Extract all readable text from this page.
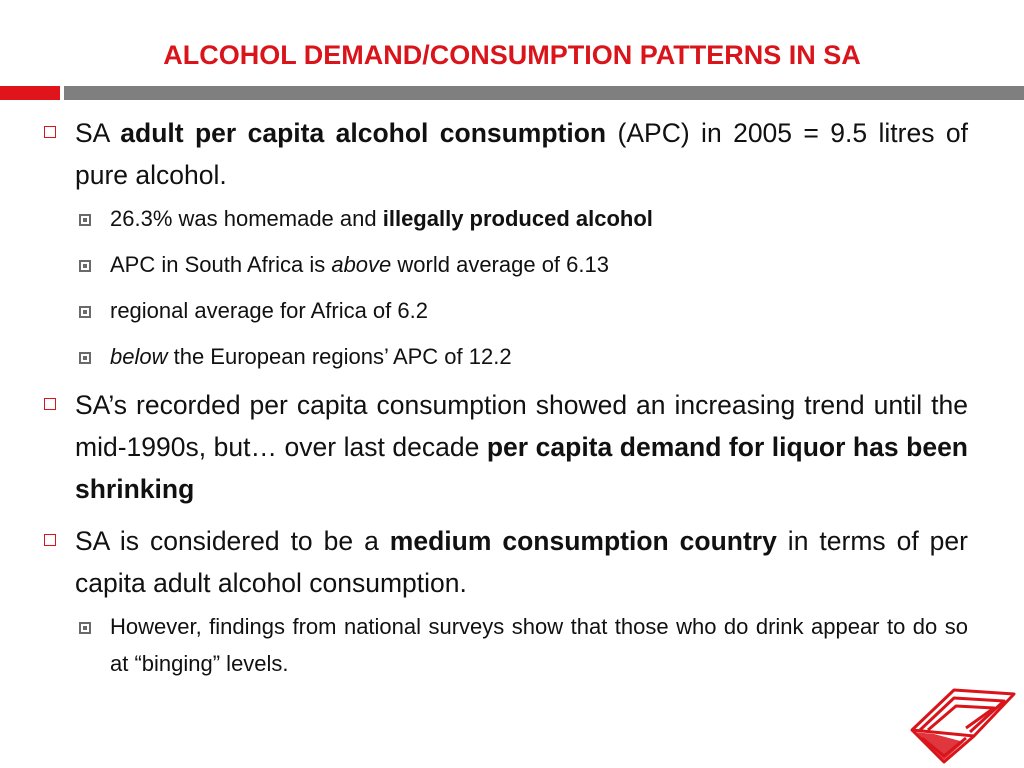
ALCOHOL DEMAND/CONSUMPTION PATTERNS IN SA
SA adult per capita alcohol consumption (APC) in 2005 = 9.5 litres of pure alcohol.
26.3% was homemade and illegally produced alcohol
APC in South Africa is above world average of 6.13
regional average for Africa of 6.2
below the European regions’ APC of 12.2
SA’s recorded per capita consumption showed an increasing trend until the mid-1990s, but… over last decade per capita demand for liquor has been shrinking
SA is considered to be a medium consumption country in terms of per capita adult alcohol consumption.
However, findings from national surveys show that those who do drink appear to do so at “binging” levels.
